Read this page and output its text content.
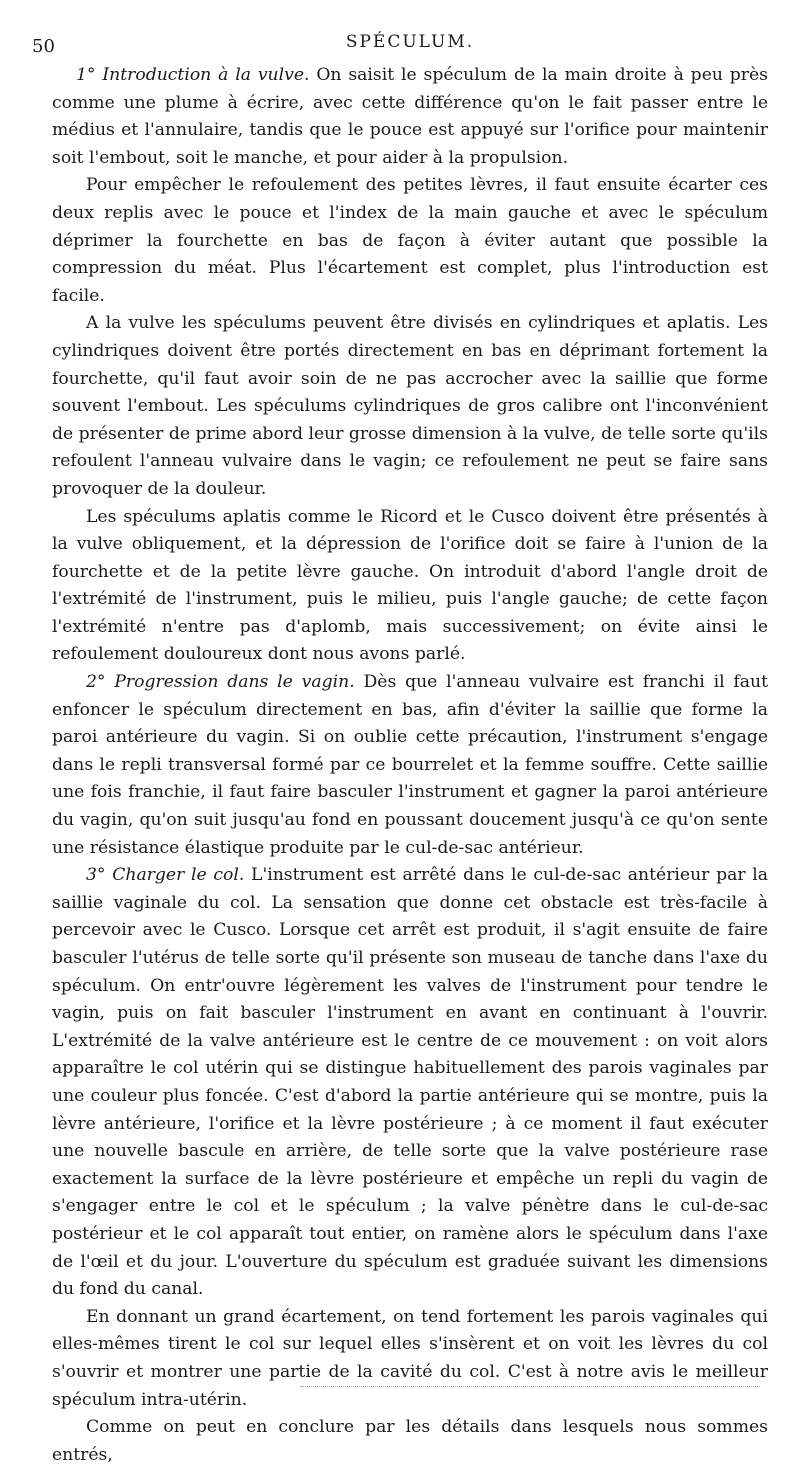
50	SPÉCULUM.

1° Introduction à la vulve. On saisit le spéculum de la main droite à peu près comme une plume à écrire, avec cette différence qu'on le fait passer entre le médius et l'annulaire, tandis que le pouce est appuyé sur l'orifice pour maintenir soit l'embout, soit le manche, et pour aider à la propulsion.

Pour empêcher le refoulement des petites lèvres, il faut ensuite écarter ces deux replis avec le pouce et l'index de la main gauche et avec le spéculum déprimer la fourchette en bas de façon à éviter autant que possible la compression du méat. Plus l'écartement est complet, plus l'introduction est facile.

A la vulve les spéculums peuvent être divisés en cylindriques et aplatis. Les cylindriques doivent être portés directement en bas en déprimant fortement la fourchette, qu'il faut avoir soin de ne pas accrocher avec la saillie que forme souvent l'embout. Les spéculums cylindriques de gros calibre ont l'inconvénient de présenter de prime abord leur grosse dimension à la vulve, de telle sorte qu'ils refoulent l'anneau vulvaire dans le vagin; ce refoulement ne peut se faire sans provoquer de la douleur.

Les spéculums aplatis comme le Ricord et le Cusco doivent être présentés à la vulve obliquement, et la dépression de l'orifice doit se faire à l'union de la fourchette et de la petite lèvre gauche. On introduit d'abord l'angle droit de l'extrémité de l'instrument, puis le milieu, puis l'angle gauche; de cette façon l'extrémité n'entre pas d'aplomb, mais successivement; on évite ainsi le refoulement douloureux dont nous avons parlé.

2° Progression dans le vagin. Dès que l'anneau vulvaire est franchi il faut enfoncer le spéculum directement en bas, afin d'éviter la saillie que forme la paroi antérieure du vagin. Si on oublie cette précaution, l'instrument s'engage dans le repli transversal formé par ce bourrelet et la femme souffre. Cette saillie une fois franchie, il faut faire basculer l'instrument et gagner la paroi antérieure du vagin, qu'on suit jusqu'au fond en poussant doucement jusqu'à ce qu'on sente une résistance élastique produite par le cul-de-sac antérieur.

3° Charger le col. L'instrument est arrêté dans le cul-de-sac antérieur par la saillie vaginale du col. La sensation que donne cet obstacle est très-facile à percevoir avec le Cusco. Lorsque cet arrêt est produit, il s'agit ensuite de faire basculer l'utérus de telle sorte qu'il présente son museau de tanche dans l'axe du spéculum. On entr'ouvre légèrement les valves de l'instrument pour tendre le vagin, puis on fait basculer l'instrument en avant en continuant à l'ouvrir. L'extrémité de la valve antérieure est le centre de ce mouvement : on voit alors apparaître le col utérin qui se distingue habituellement des parois vaginales par une couleur plus foncée. C'est d'abord la partie antérieure qui se montre, puis la lèvre antérieure, l'orifice et la lèvre postérieure ; à ce moment il faut exécuter une nouvelle bascule en arrière, de telle sorte que la valve postérieure rase exactement la surface de la lèvre postérieure et empêche un repli du vagin de s'engager entre le col et le spéculum ; la valve pénètre dans le cul-de-sac postérieur et le col apparaît tout entier, on ramène alors le spéculum dans l'axe de l'œil et du jour. L'ouverture du spéculum est graduée suivant les dimensions du fond du canal.

En donnant un grand écartement, on tend fortement les parois vaginales qui elles-mêmes tirent le col sur lequel elles s'insèrent et on voit les lèvres du col s'ouvrir et montrer une partie de la cavité du col. C'est à notre avis le meilleur spéculum intra-utérin.

Comme on peut en conclure par les détails dans lesquels nous sommes entrés,
